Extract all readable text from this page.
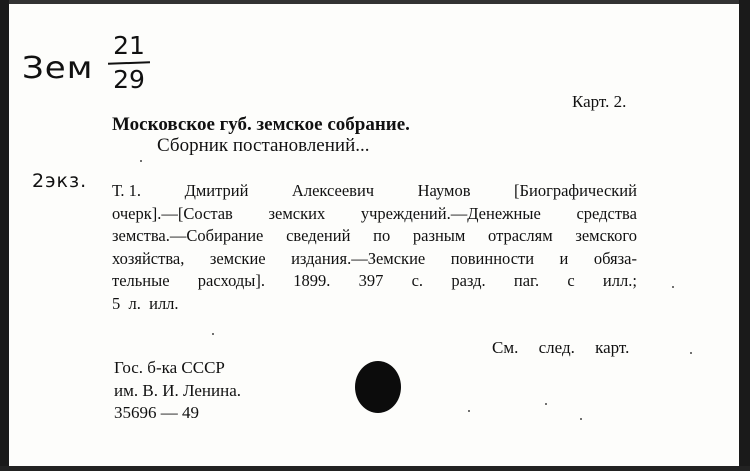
Зем
21
29
2экз.
Карт. 2.
Московское губ. земское собрание.
Сборник постановлений...
Т. 1.	Дмитрий	Алексеевич	Наумов	[Биографический
очерк].—[Состав земских учреждений.—Денежные средства
земства.—Собирание сведений по разным отраслям земского
хозяйства, земские издания.—Земские повинности и обяза-
тельные расходы]. 1899. 397 с. разд. паг. с илл.;
5
л.
илл.
См. след. карт.
Гос. б-ка СССР
им. В. И. Ленина.
35696 — 49
